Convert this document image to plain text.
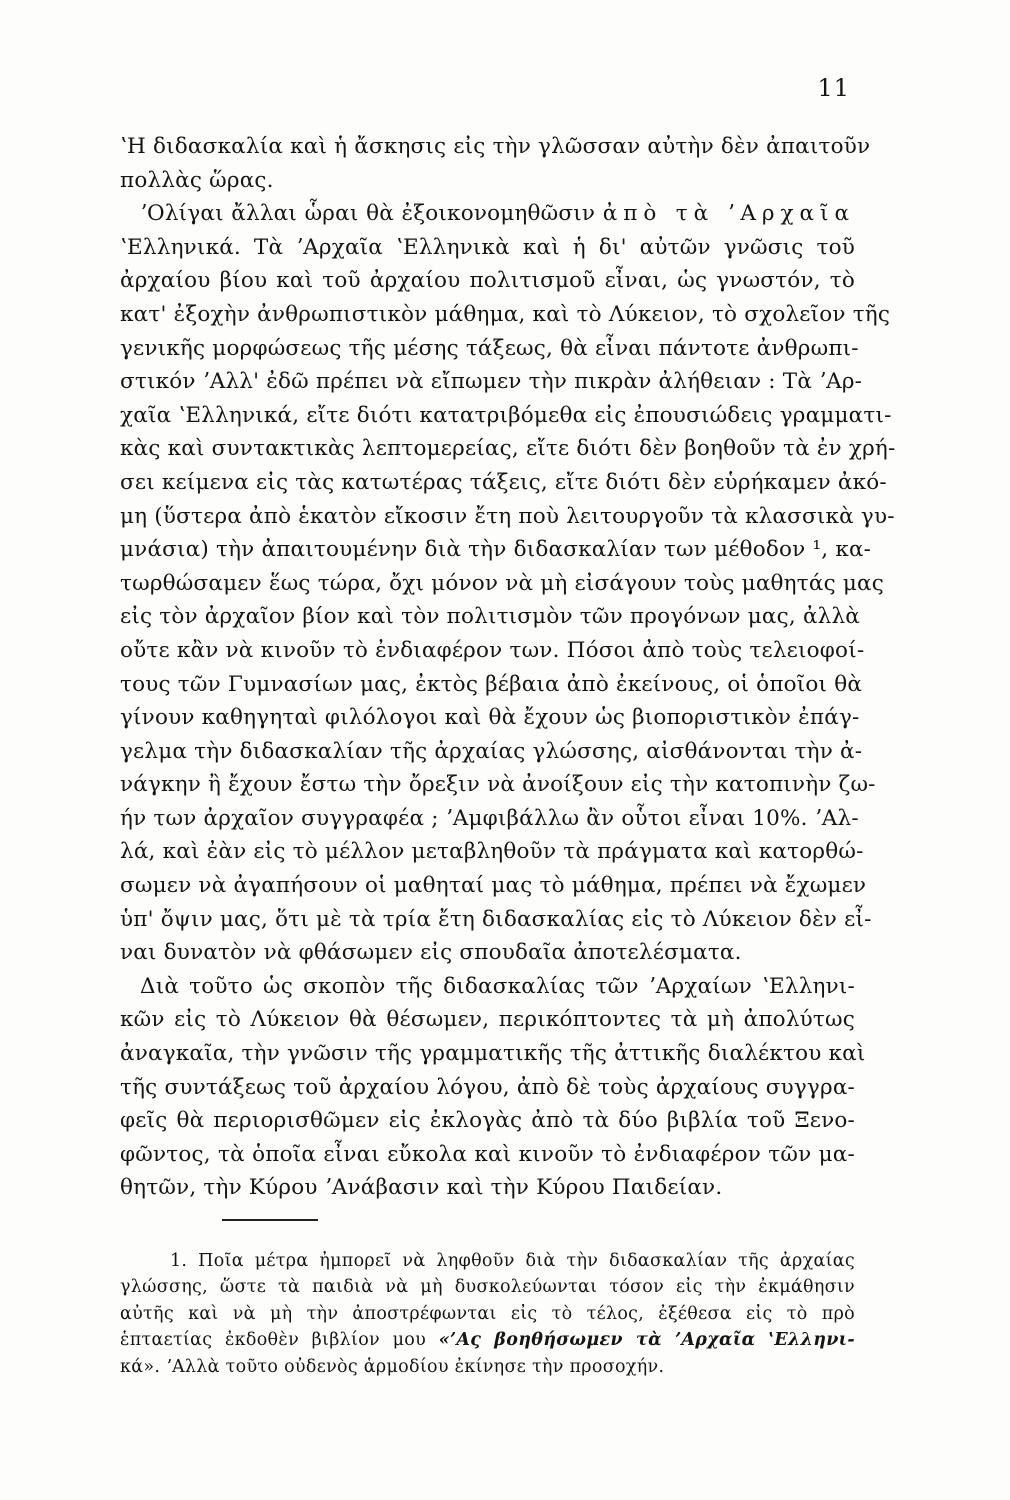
11
ʽΗ διδασκαλία καὶ ἡ ἄσκησις εἰς τὴν γλῶσσαν αὐτὴν δὲν ἀπαιτοῦν
πολλὰς ὥρας.
ʼΟλίγαι ἄλλαι ὧραι θὰ ἐξοικονομηθῶσιν ἀπὸ τὰ ʼΑρχαῖα
ʽΕλληνικά. Τὰ ʼΑρχαῖα ʽΕλληνικὰ καὶ ἡ δι' αὐτῶν γνῶσις τοῦ
ἀρχαίου βίου καὶ τοῦ ἀρχαίου πολιτισμοῦ εἶναι, ὡς γνωστόν, τὸ
κατ' ἐξοχὴν ἀνθρωπιστικὸν μάθημα, καὶ τὸ Λύκειον, τὸ σχολεῖον τῆς
γενικῆς μορφώσεως τῆς μέσης τάξεως, θὰ εἶναι πάντοτε ἀνθρωπι-
στικόν ʼΑλλ' ἐδῶ πρέπει νὰ εἴπωμεν τὴν πικρὰν ἀλήθειαν : Τὰ ʼΑρ-
χαῖα ʽΕλληνικά, εἴτε διότι κατατριβόμεθα εἰς ἐπουσιώδεις γραμματι-
κὰς καὶ συντακτικὰς λεπτομερείας, εἴτε διότι δὲν βοηθοῦν τὰ ἐν χρή-
σει κείμενα εἰς τὰς κατωτέρας τάξεις, εἴτε διότι δὲν εὑρήκαμεν ἀκό-
μη (ὕστερα ἀπὸ ἑκατὸν εἴκοσιν ἔτη ποὺ λειτουργοῦν τὰ κλασσικὰ γυ-
μνάσια) τὴν ἀπαιτουμένην διὰ τὴν διδασκαλίαν των μέθοδον ¹, κα-
τωρθώσαμεν ἕως τώρα, ὄχι μόνον νὰ μὴ εἰσάγουν τοὺς μαθητάς μας
εἰς τὸν ἀρχαῖον βίον καὶ τὸν πολιτισμὸν τῶν προγόνων μας, ἀλλὰ
οὔτε κἂν νὰ κινοῦν τὸ ἐνδιαφέρον των. Πόσοι ἀπὸ τοὺς τελειοφοί-
τους τῶν Γυμνασίων μας, ἐκτὸς βέβαια ἀπὸ ἐκείνους, οἱ ὁποῖοι θὰ
γίνουν καθηγηταὶ φιλόλογοι καὶ θὰ ἔχουν ὡς βιοποριστικὸν ἐπάγ-
γελμα τὴν διδασκαλίαν τῆς ἀρχαίας γλώσσης, αἰσθάνονται τὴν ἀ-
νάγκην ἢ ἔχουν ἔστω τὴν ὄρεξιν νὰ ἀνοίξουν εἰς τὴν κατοπινὴν ζω-
ήν των ἀρχαῖον συγγραφέα ; ʼΑμφιβάλλω ἂν οὗτοι εἶναι 10%. ʼΑλ-
λά, καὶ ἐὰν εἰς τὸ μέλλον μεταβληθοῦν τὰ πράγματα καὶ κατορθώ-
σωμεν νὰ ἀγαπήσουν οἱ μαθηταί μας τὸ μάθημα, πρέπει νὰ ἔχωμεν
ὑπ' ὄψιν μας, ὅτι μὲ τὰ τρία ἔτη διδασκαλίας εἰς τὸ Λύκειον δὲν εἶ-
ναι δυνατὸν νὰ φθάσωμεν εἰς σπουδαῖα ἀποτελέσματα.
Διὰ τοῦτο ὡς σκοπὸν τῆς διδασκαλίας τῶν ʼΑρχαίων ʽΕλληνι-
κῶν εἰς τὸ Λύκειον θὰ θέσωμεν, περικόπτοντες τὰ μὴ ἀπολύτως
ἀναγκαῖα, τὴν γνῶσιν τῆς γραμματικῆς τῆς ἀττικῆς διαλέκτου καὶ
τῆς συντάξεως τοῦ ἀρχαίου λόγου, ἀπὸ δὲ τοὺς ἀρχαίους συγγρα-
φεῖς θὰ περιορισθῶμεν εἰς ἐκλογὰς ἀπὸ τὰ δύο βιβλία τοῦ Ξενο-
φῶντος, τὰ ὁποῖα εἶναι εὔκολα καὶ κινοῦν τὸ ἐνδιαφέρον τῶν μα-
θητῶν, τὴν Κύρου ʼΑνάβασιν καὶ τὴν Κύρου Παιδείαν.
1. Ποῖα μέτρα ἠμπορεῖ νὰ ληφθοῦν διὰ τὴν διδασκαλίαν τῆς ἀρχαίας
γλώσσης, ὥστε τὰ παιδιὰ νὰ μὴ δυσκολεύωνται τόσον εἰς τὴν ἐκμάθησιν
αὐτῆς καὶ νὰ μὴ τὴν ἀποστρέφωνται εἰς τὸ τέλος, ἐξέθεσα εἰς τὸ πρὸ
ἑπταετίας ἐκδοθὲν βιβλίον μου «ʼΑς βοηθήσωμεν τὰ ʼΑρχαῖα ʽΕλληνι-
κά». ʼΑλλὰ τοῦτο οὐδενὸς ἁρμοδίου ἐκίνησε τὴν προσοχήν.
